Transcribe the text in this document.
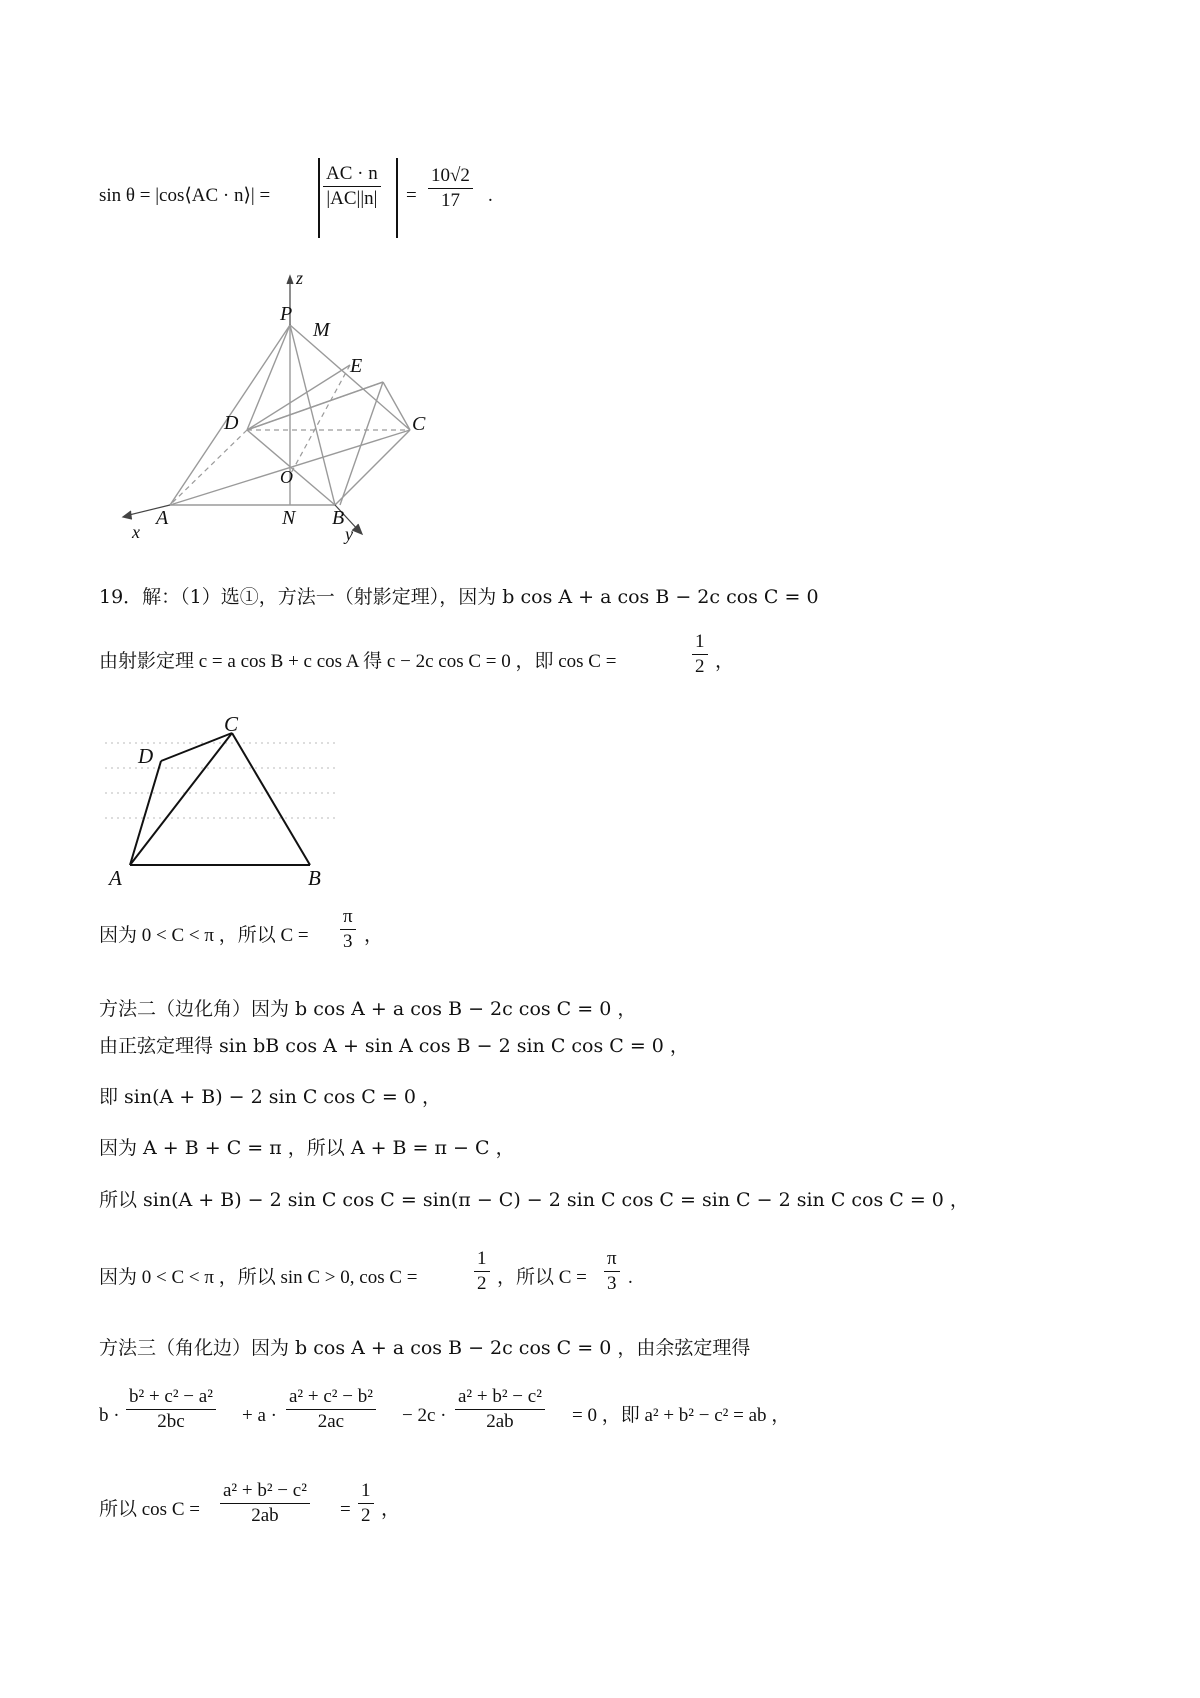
sin θ = |cos⟨AC · n⟩| =	$\frac{AC \cdot n}{|AC||n|} = \frac{10√2}{17}$ .
z
P
M
E
D	C
O
A	N B
x	y
19．解：（1）选①，方法一（射影定理），因为 b cos A + a cos B − 2c cos C = 0
由射影定理 c = a cos B + c cos A 得 c − 2c cos C = 0 ，即 cos C =	$\frac{1}{2}$ ，
C
D
A	B
因为 0 < C < π ，所以 $C = \frac{\pi}{3}$ ，
方法二（边化角）因为 b cos A + a cos B − 2c cos C = 0 ，
由正弦定理得 sin bB cos A + sin A cos B − 2 sin C cos C = 0 ，
即 sin(A + B) − 2 sin C cos C = 0 ，
因为 A + B + C = π ，所以 A + B = π − C ，
所以 sin(A + B) − 2 sin C cos C = sin(π − C) − 2 sin C cos C = sin C − 2 sin C cos C = 0 ，
因为 0 < C < π ，所以 sin C > 0, cos C =	$\frac{1}{2}$ ，所以 $C = \frac{\pi}{3}$ .
方法三（角化边）因为 b cos A + a cos B − 2c cos C = 0 ，由余弦定理得
$b \cdot \frac{\text{b² + c² − a²}}{2bc} + a \cdot \frac{\text{a² + c² − b²}}{2ac} - 2c \cdot \frac{\text{a² + b² − c²}}{2ab} = 0$ ，即 a² + b² − c² = ab ，
所以 $\cos C = \frac{\text{a² + b² − c²}}{2ab} = \frac{1}{2}$ ，
